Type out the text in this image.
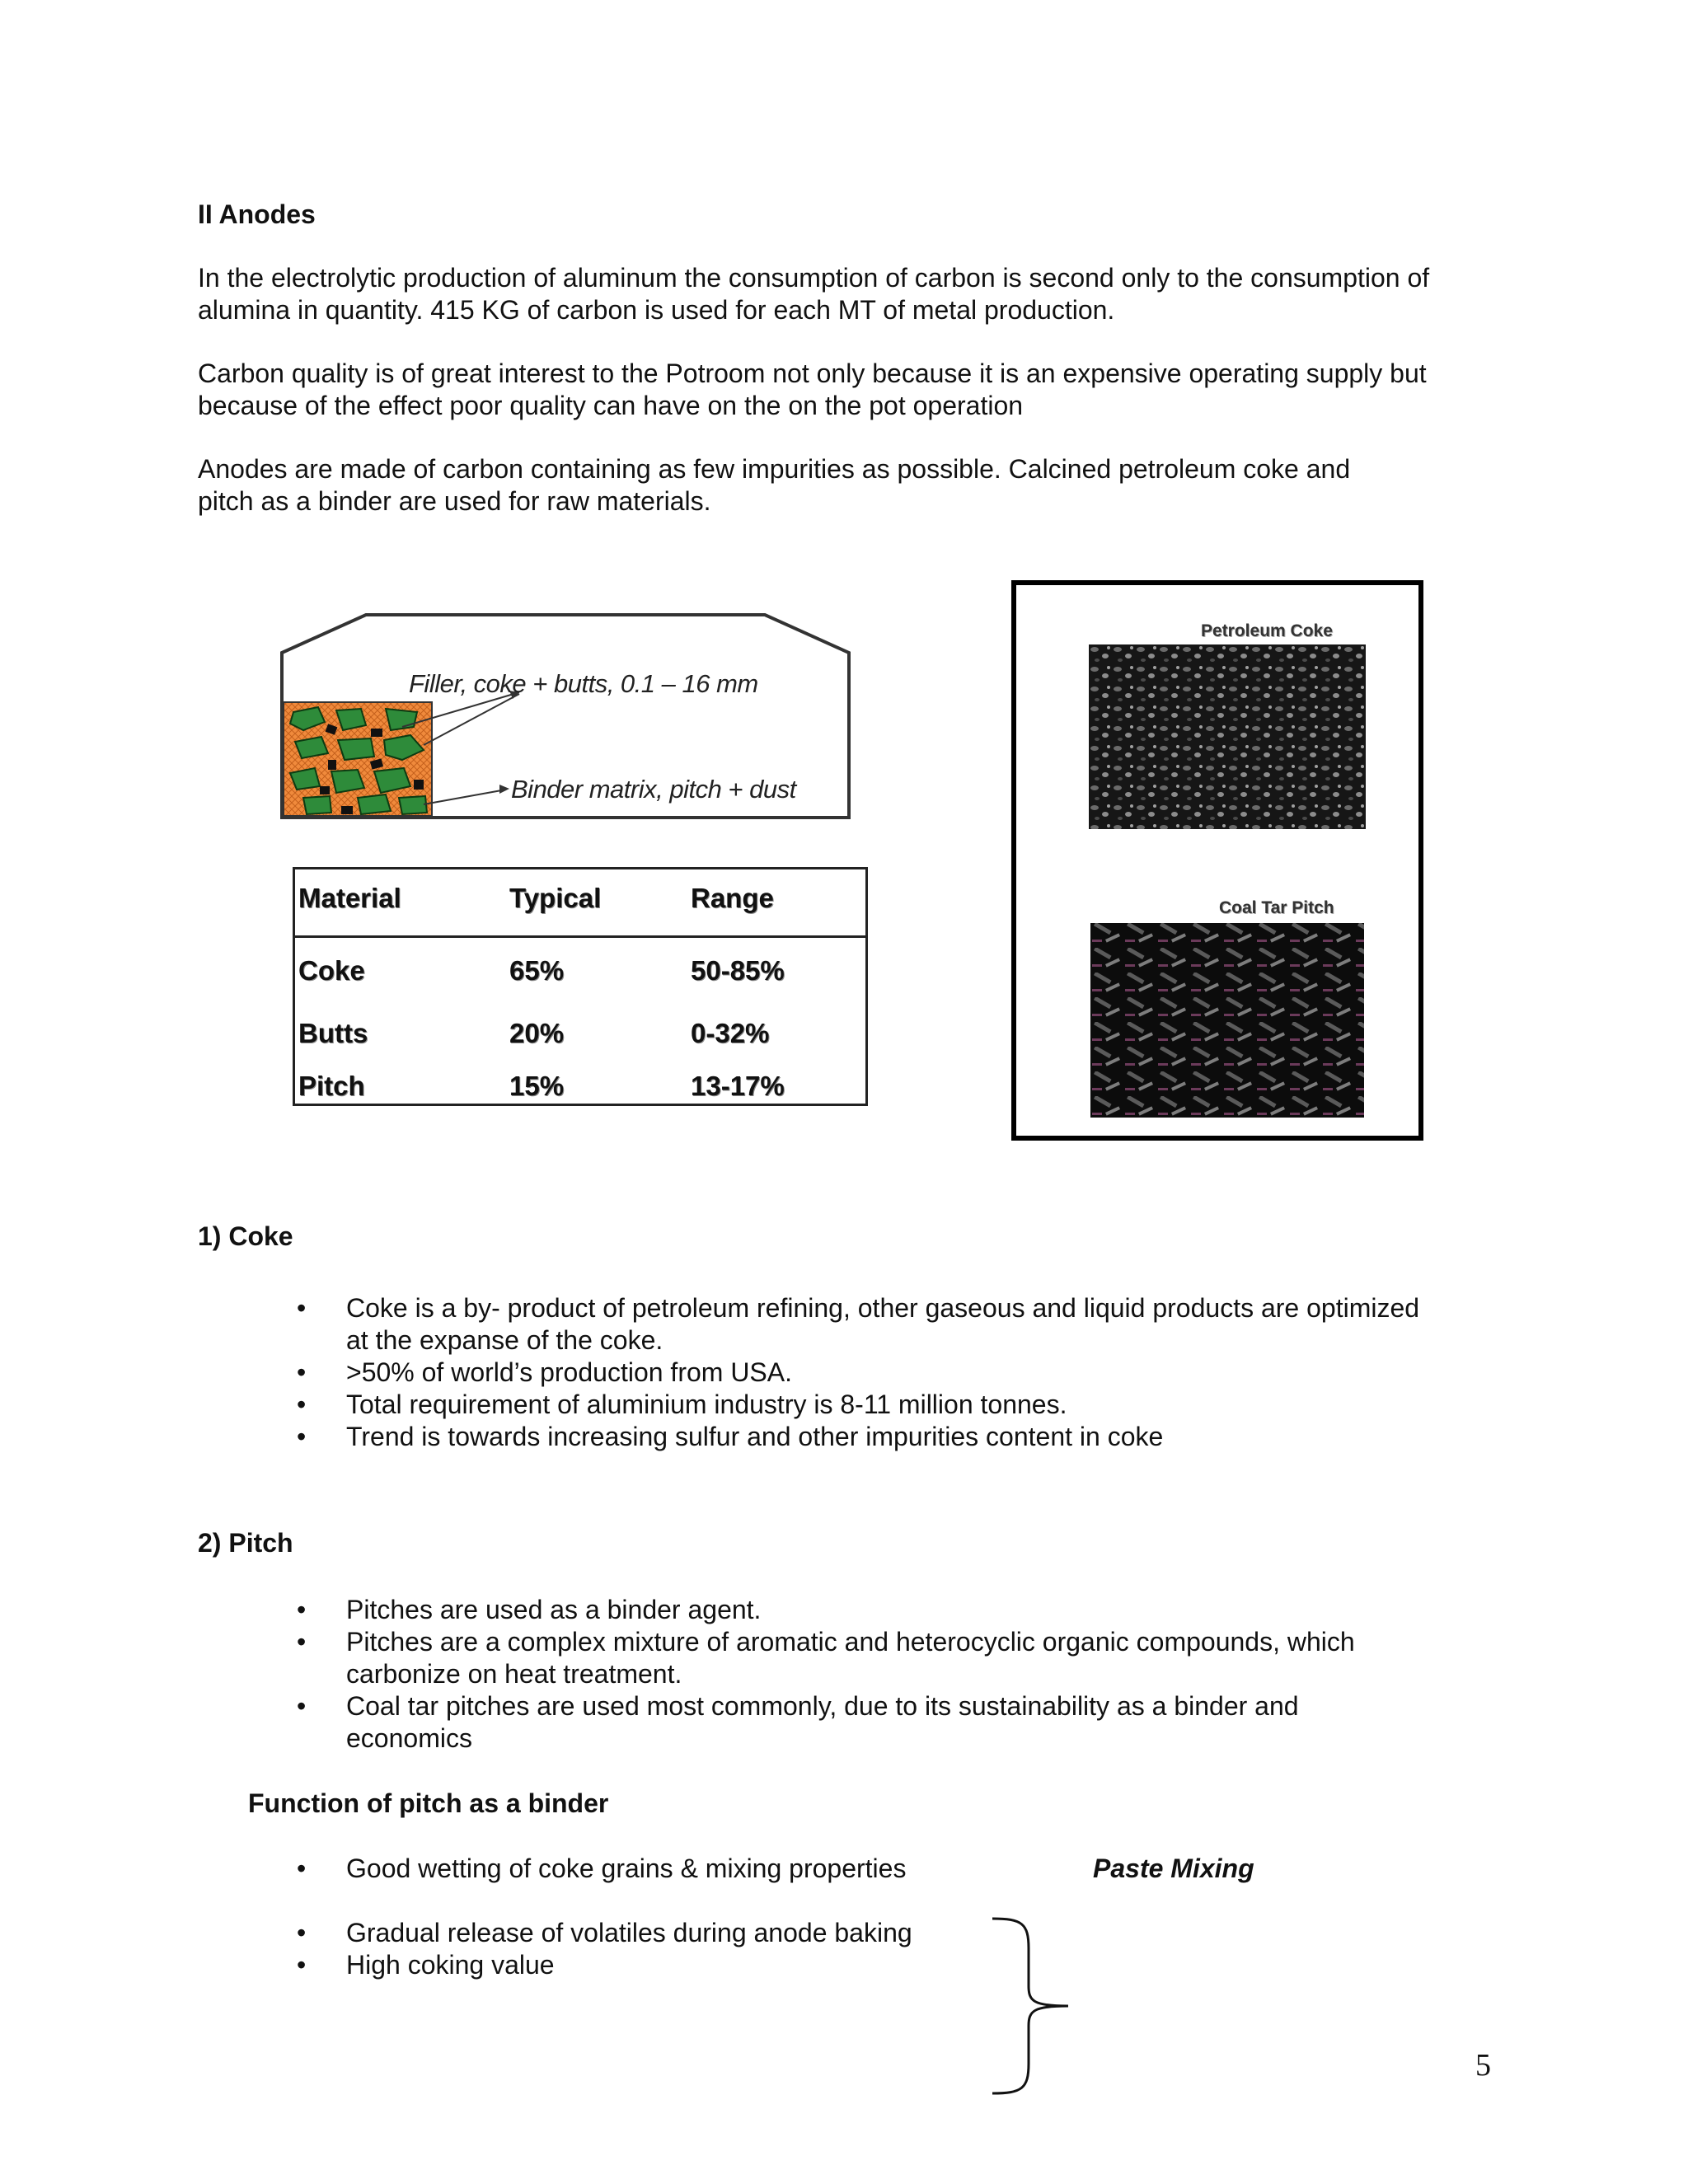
II Anodes
In the electrolytic production of aluminum the consumption of carbon is second only to the consumption of
alumina in quantity. 415 KG of carbon is used for each MT of metal production.
Carbon quality is of great interest to the Potroom not only because it is an expensive operating supply but
because of the effect poor quality can have on the on the pot operation
Anodes are made of carbon containing as few impurities as possible. Calcined petroleum coke and
pitch as a binder are used for raw materials.
Filler, coke + butts, 0.1 – 16 mm
Binder matrix, pitch + dust
Material	Typical	Range
Coke	65%	50-85%
Butts	20%	0-32%
Pitch	15%	13-17%
Petroleum Coke
Coal Tar Pitch
1) Coke
• Coke is a by- product of petroleum refining, other gaseous and liquid products are optimized
at the expanse of the coke.
• >50% of world’s production from USA.
• Total requirement of aluminium industry is 8-11 million tonnes.
• Trend is towards increasing sulfur and other impurities content in coke
2) Pitch
• Pitches are used as a binder agent.
• Pitches are a complex mixture of aromatic and heterocyclic organic compounds, which
carbonize on heat treatment.
• Coal tar pitches are used most commonly, due to its sustainability as a binder and
economics
Function of pitch as a binder
• Good wetting of coke grains & mixing properties	Paste Mixing
• Gradual release of volatiles during anode baking
• High coking value
5
